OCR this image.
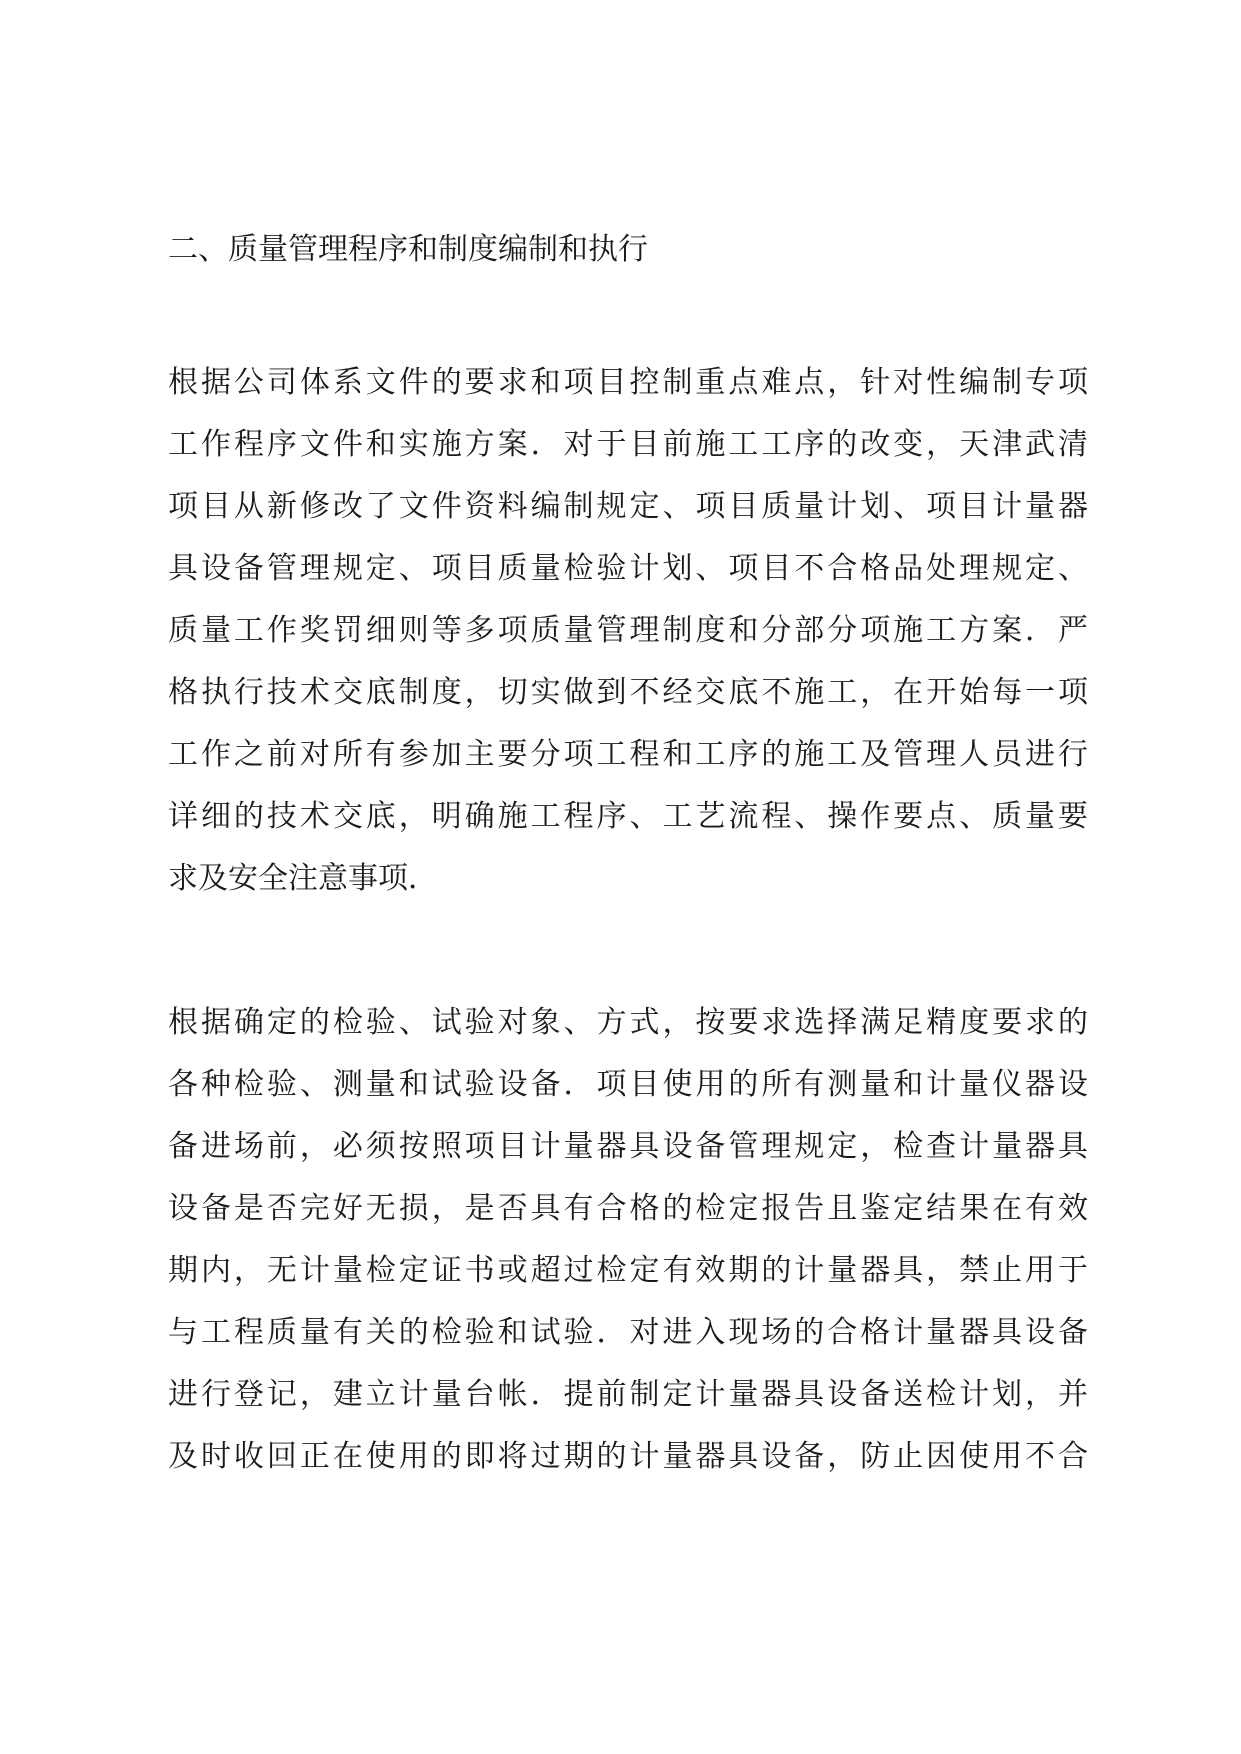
二、质量管理程序和制度编制和执行
根据公司体系文件的要求和项目控制重点难点，针对性编制专项
工作程序文件和实施方案．对于目前施工工序的改变，天津武清
项目从新修改了文件资料编制规定、项目质量计划、项目计量器
具设备管理规定、项目质量检验计划、项目不合格品处理规定、
质量工作奖罚细则等多项质量管理制度和分部分项施工方案．严
格执行技术交底制度，切实做到不经交底不施工，在开始每一项
工作之前对所有参加主要分项工程和工序的施工及管理人员进行
详细的技术交底，明确施工程序、工艺流程、操作要点、质量要
求及安全注意事项．
根据确定的检验、试验对象、方式，按要求选择满足精度要求的
各种检验、测量和试验设备．项目使用的所有测量和计量仪器设
备进场前，必须按照项目计量器具设备管理规定，检查计量器具
设备是否完好无损，是否具有合格的检定报告且鉴定结果在有效
期内，无计量检定证书或超过检定有效期的计量器具，禁止用于
与工程质量有关的检验和试验．对进入现场的合格计量器具设备
进行登记，建立计量台帐．提前制定计量器具设备送检计划，并
及时收回正在使用的即将过期的计量器具设备，防止因使用不合
